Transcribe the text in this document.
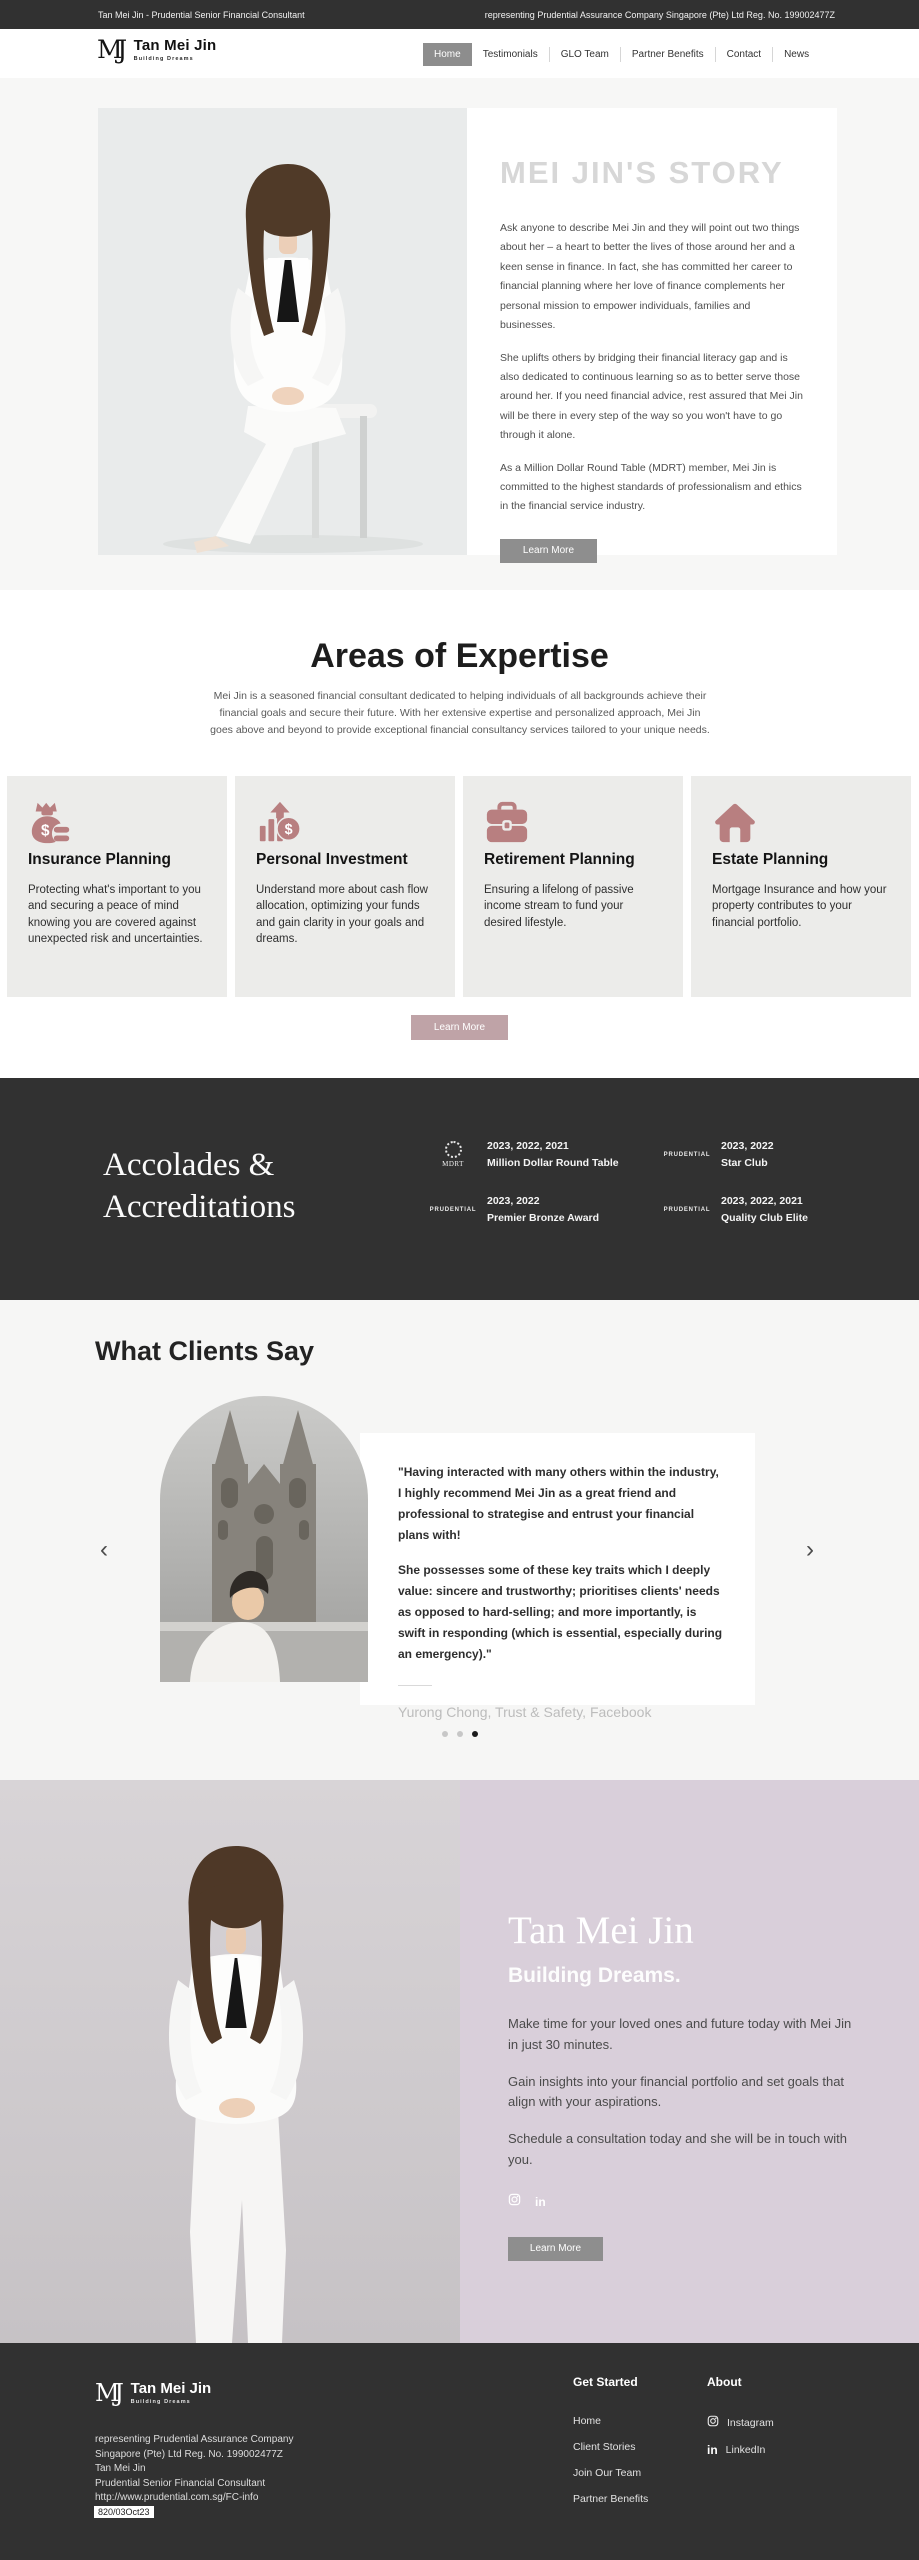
Tan Mei Jin - Prudential Senior Financial Consultant	representing Prudential Assurance Company Singapore (Pte) Ltd Reg. No. 199002477Z
MJ Tan Mei Jin
Building Dreams	Home	Testimonials	GLO Team	Partner Benefits	Contact	News
MEI JIN'S STORY

Ask anyone to describe Mei Jin and they will point out two things about her – a heart to better the lives of those around her and a keen sense in finance. In fact, she has committed her career to financial planning where her love of finance complements her personal mission to empower individuals, families and businesses.

She uplifts others by bridging their financial literacy gap and is also dedicated to continuous learning so as to better serve those around her. If you need financial advice, rest assured that Mei Jin will be there in every step of the way so you won't have to go through it alone.

As a Million Dollar Round Table (MDRT) member, Mei Jin is committed to the highest standards of professionalism and ethics in the financial service industry.

Learn More
Areas of Expertise
Mei Jin is a seasoned financial consultant dedicated to helping individuals of all backgrounds achieve their financial goals and secure their future. With her extensive expertise and personalized approach, Mei Jin goes above and beyond to provide exceptional financial consultancy services tailored to your unique needs.
$
Insurance Planning
Protecting what's important to you and securing a peace of mind knowing you are covered against unexpected risk and uncertainties.
$
Personal Investment
Understand more about cash flow allocation, optimizing your funds and gain clarity in your goals and dreams.
Retirement Planning
Ensuring a lifelong of passive income stream to fund your desired lifestyle.
Estate Planning
Mortgage Insurance and how your property contributes to your financial portfolio.
Learn More
Accolades &
Accreditations
MDRT
2023, 2022, 2021
Million Dollar Round Table
PRUDENTIAL
2023, 2022
Star Club
PRUDENTIAL
2023, 2022
Premier Bronze Award
PRUDENTIAL
2023, 2022, 2021
Quality Club Elite
What Clients Say

"Having interacted with many others within the industry, I highly recommend Mei Jin as a great friend and professional to strategise and entrust your financial plans with!

She possesses some of these key traits which I deeply value: sincere and trustworthy; prioritises clients' needs as opposed to hard-selling; and more importantly, is swift in responding (which is essential, especially during an emergency)."

Yurong Chong, Trust & Safety, Facebook
‹	›
Tan Mei Jin
Building Dreams.

Make time for your loved ones and future today with Mei Jin in just 30 minutes.

Gain insights into your financial portfolio and set goals that align with your aspirations.

Schedule a consultation today and she will be in touch with you.

in
Learn More
MJ Tan Mei Jin
Building Dreams
representing Prudential Assurance Company
Singapore (Pte) Ltd Reg. No. 199002477Z
Tan Mei Jin
Prudential Senior Financial Consultant
http://www.prudential.com.sg/FC-info
820/03Oct23
Get Started
Home
Client Stories
Join Our Team
Partner Benefits
About
Instagram
in LinkedIn
